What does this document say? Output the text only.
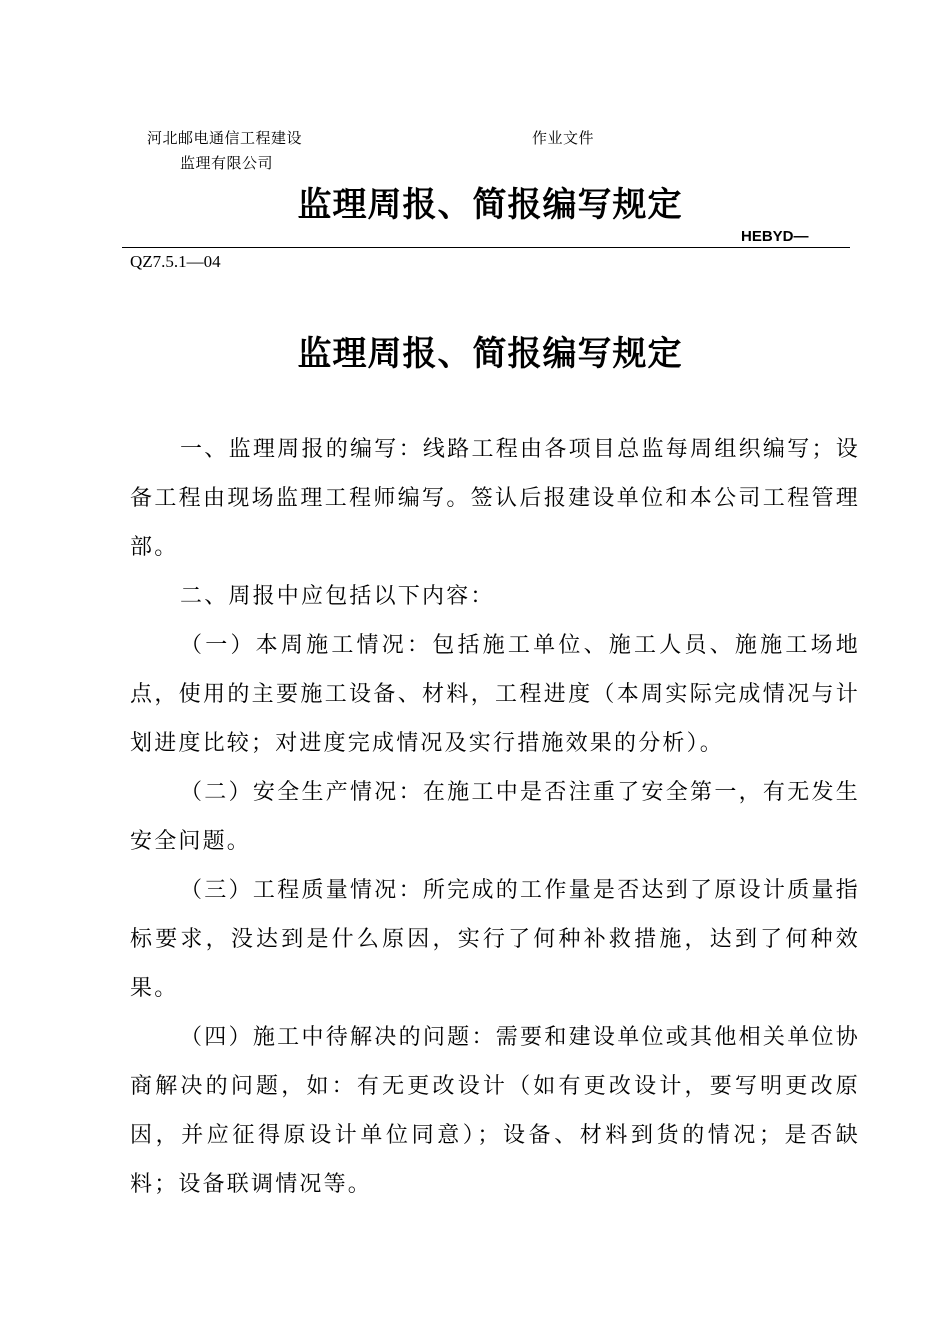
河北邮电通信工程建设
监理有限公司
作业文件
监理周报、简报编写规定
HEBYD—
QZ7.5.1—04
监理周报、简报编写规定

一、监理周报的编写：线路工程由各项目总监每周组织编写；设备工程由现场监理工程师编写。签认后报建设单位和本公司工程管理部。

二、周报中应包括以下内容：

（一）本周施工情况：包括施工单位、施工人员、施施工场地点，使用的主要施工设备、材料，工程进度（本周实际完成情况与计划进度比较；对进度完成情况及实行措施效果的分析）。

（二）安全生产情况：在施工中是否注重了安全第一，有无发生安全问题。

（三）工程质量情况：所完成的工作量是否达到了原设计质量指标要求，没达到是什么原因，实行了何种补救措施，达到了何种效果。

（四）施工中待解决的问题：需要和建设单位或其他相关单位协商解决的问题，如：有无更改设计（如有更改设计，要写明更改原因，并应征得原设计单位同意）；设备、材料到货的情况；是否缺料；设备联调情况等。
